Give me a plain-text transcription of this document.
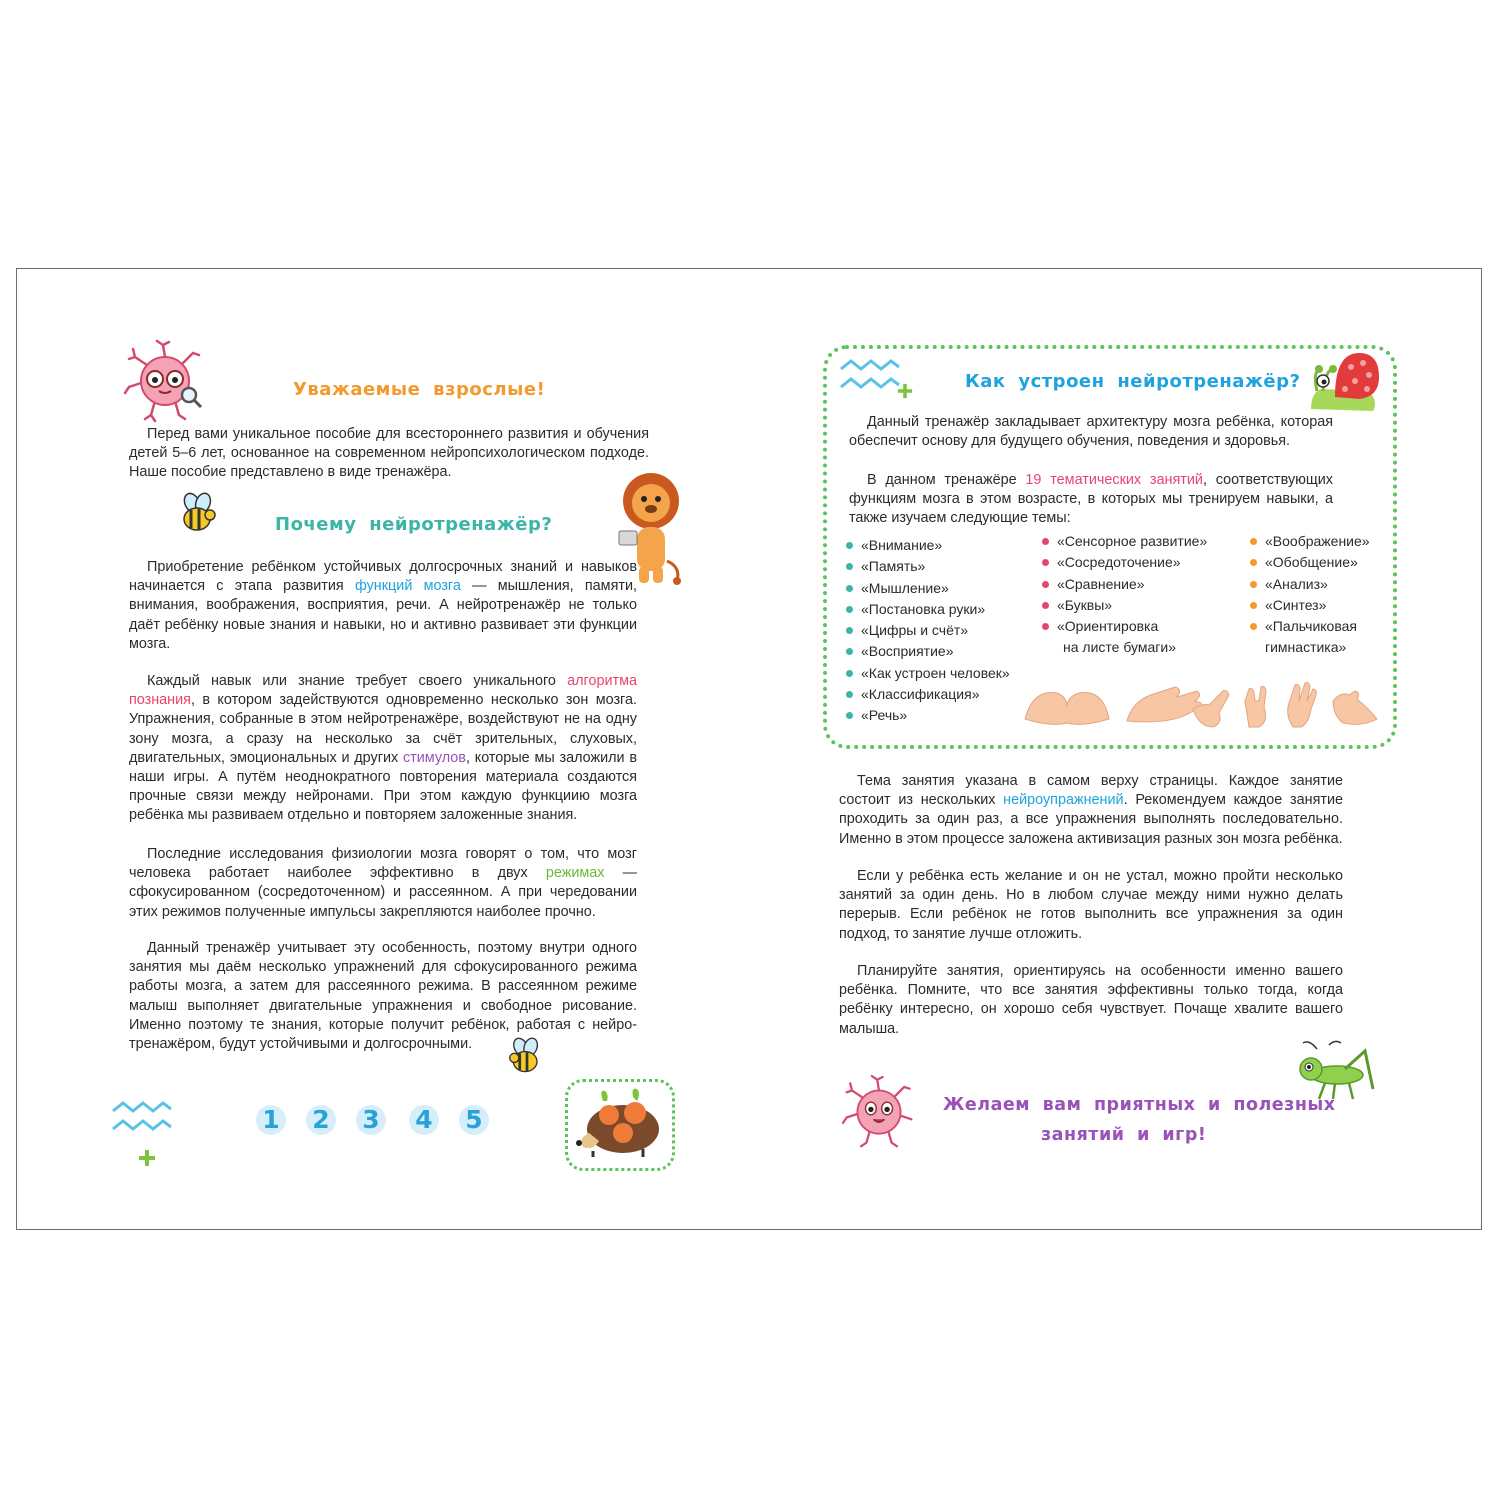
Уважаемые взрослые!
Перед вами уникальное пособие для всестороннего развития и обучения детей 5–6 лет, основанное на современном нейропсихологическом подходе. Наше пособие представлено в виде тренажёра.
Почему нейротренажёр?
Приобретение ребёнком устойчивых долгосрочных знаний и навыков начинается с этапа развития функций мозга — мышления, памяти, внимания, воображения, восприятия, речи. А нейротренажёр не только даёт ребёнку новые знания и навыки, но и активно развивает эти функции мозга.
Каждый навык или знание требует своего уникального алгоритма познания, в котором задействуются одновременно несколько зон мозга. Упражнения, собранные в этом нейротренажёре, воздействуют не на одну зону мозга, а сразу на несколько за счёт зрительных, слуховых, двигательных, эмоциональных и других стимулов, которые мы заложили в наши игры. А путём неоднократного повторения материала создаются прочные связи между нейронами. При этом каждую функциию мозга ребёнка мы развиваем отдельно и повторяем заложенные знания.
Последние исследования физиологии мозга говорят о том, что мозг человека работает наиболее эффективно в двух режимах — сфокусированном (сосредоточенном) и рассеянном. А при чередовании этих режимов полученные импульсы закрепляются наиболее прочно.
Данный тренажёр учитывает эту особенность, поэтому внутри одного занятия мы даём несколько упражнений для сфокусированного режима работы мозга, а затем для рассеянного режима. В рассеянном режиме малыш выполняет двигательные упражнения и свободное рисование. Именно поэтому те знания, которые получит ребёнок, работая с нейротренажёром, будут устойчивыми и долгосрочными.
1 2 3 4 5
Как устроен нейротренажёр?
Данный тренажёр закладывает архитектуру мозга ребёнка, которая обеспечит основу для будущего обучения, поведения и здоровья.
В данном тренажёре 19 тематических занятий, соответствующих функциям мозга в этом возрасте, в которых мы тренируем навыки, а также изучаем следующие темы:
«Внимание»
«Память»
«Мышление»
«Постановка руки»
«Цифры и счёт»
«Восприятие»
«Как устроен человек»
«Классификация»
«Речь»
«Сенсорное развитие»
«Сосредоточение»
«Сравнение»
«Буквы»
«Ориентировка
на листе бумаги»
«Воображение»
«Обобщение»
«Анализ»
«Синтез»
«Пальчиковая
гимнастика»
Тема занятия указана в самом верху страницы. Каждое занятие состоит из нескольких нейроупражнений. Рекомендуем каждое занятие проходить за один раз, а все упражнения выполнять последовательно. Именно в этом процессе заложена активизация разных зон мозга ребёнка.
Если у ребёнка есть желание и он не устал, можно пройти несколько занятий за один день. Но в любом случае между ними нужно делать перерыв. Если ребёнок не готов выполнить все упражнения за один подход, то занятие лучше отложить.
Планируйте занятия, ориентируясь на особенности именно вашего ребёнка. Помните, что все занятия эффективны только тогда, когда ребёнку интересно, он хорошо себя чувствует. Почаще хвалите вашего малыша.
Желаем вам приятных и полезных
занятий и игр!
